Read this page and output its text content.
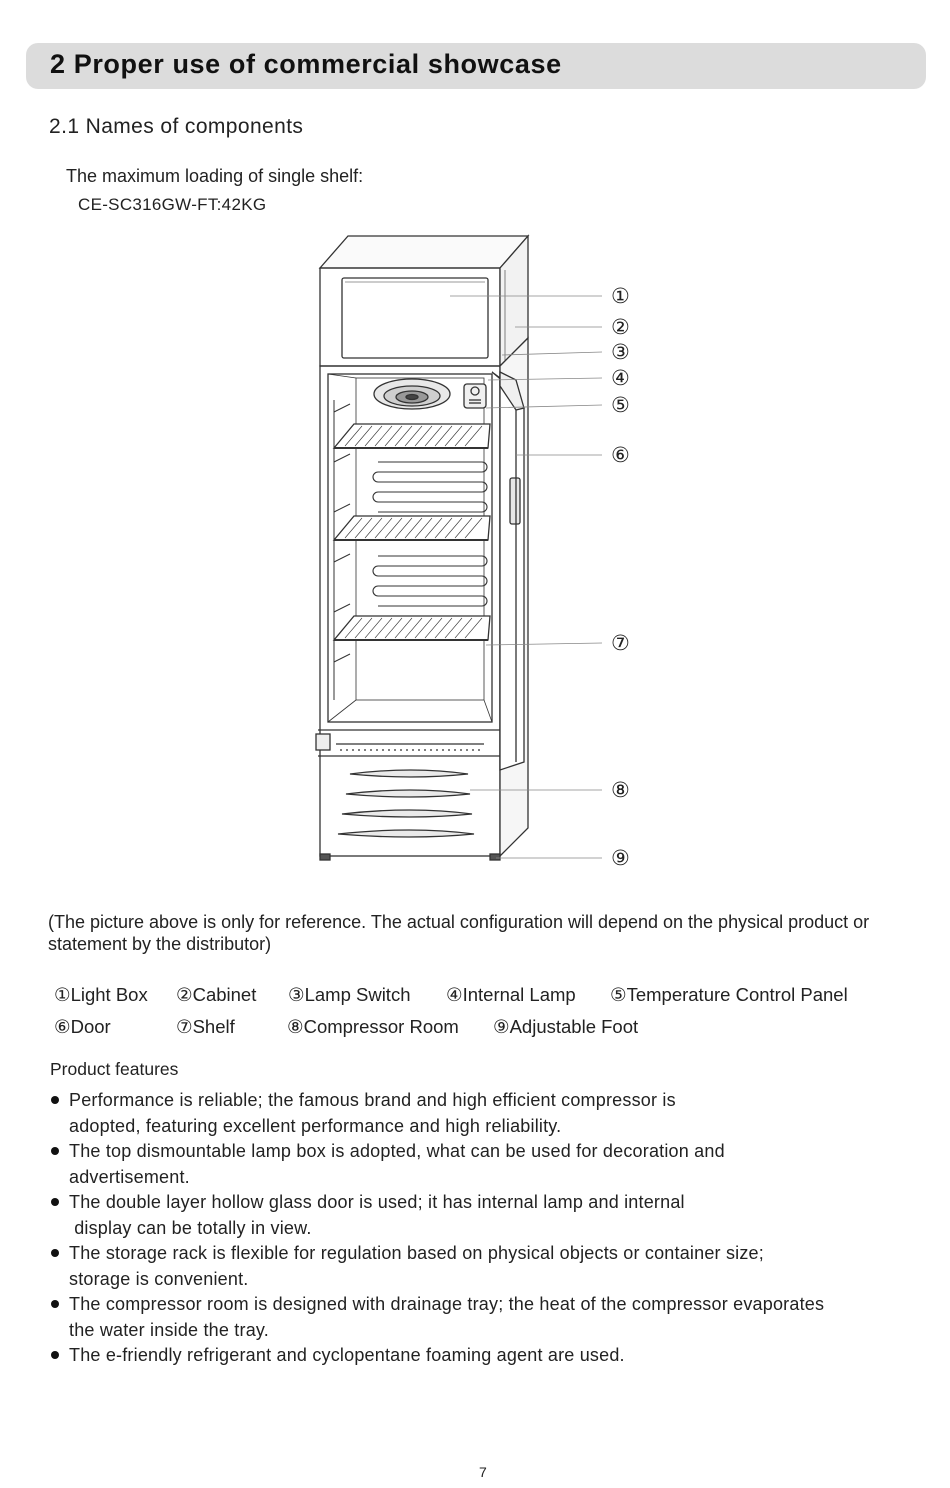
2 Proper use of commercial showcase
2.1 Names of components
The maximum loading of single shelf:
CE-SC316GW-FT:42KG
①
②
③
④
⑤
⑥
⑦
⑧
⑨
(The picture above is only for reference. The actual configuration will depend on the physical product or statement by the distributor)
①Light Box ②Cabinet ③Lamp Switch ④Internal Lamp ⑤Temperature Control Panel
⑥Door	⑦Shelf	⑧Compressor Room ⑨Adjustable Foot
Product features
Performance is reliable; the famous brand and high efficient compressor is
adopted, featuring excellent performance and high reliability.
The top dismountable lamp box is adopted, what can be used for decoration and
advertisement.
The double layer hollow glass door is used; it has internal lamp and internal
display can be totally in view.
The storage rack is flexible for regulation based on physical objects or container size;
storage is convenient.
The compressor room is designed with drainage tray; the heat of the compressor evaporates
the water inside the tray.
The e-friendly refrigerant and cyclopentane foaming agent are used.
7
